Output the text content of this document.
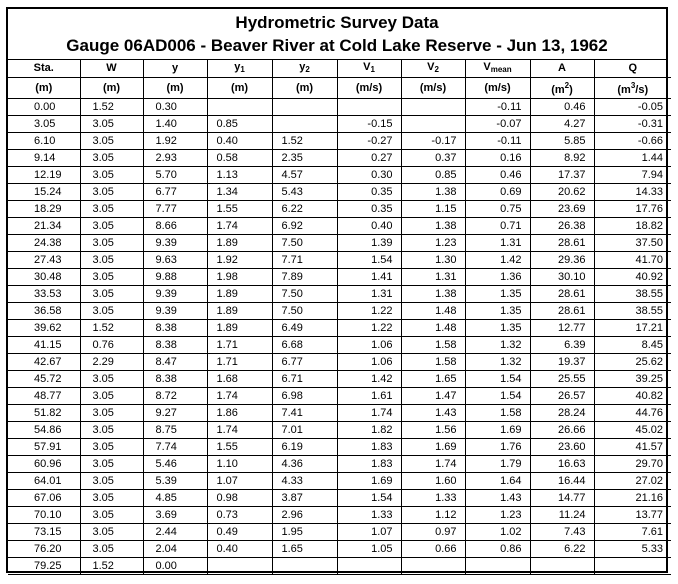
Hydrometric Survey Data
Gauge 06AD006 - Beaver River at Cold Lake Reserve - Jun 13, 1962
Sta.	W	y	$y_1$	$y_2$	$V_1$	$V_2$	$V_{mean}$	A	Q
(m)	(m)	(m)	(m)	(m)	(m/s)	(m/s)	(m/s)	$(m^2)$	$(m^3/s)$
0.00	1.52	0.30					-0.11	0.46	-0.05
3.05	3.05	1.40	0.85		-0.15		-0.07	4.27	-0.31
6.10	3.05	1.92	0.40	1.52	-0.27	-0.17	-0.11	5.85	-0.66
9.14	3.05	2.93	0.58	2.35	0.27	0.37	0.16	8.92	1.44
12.19	3.05	5.70	1.13	4.57	0.30	0.85	0.46	17.37	7.94
15.24	3.05	6.77	1.34	5.43	0.35	1.38	0.69	20.62	14.33
18.29	3.05	7.77	1.55	6.22	0.35	1.15	0.75	23.69	17.76
21.34	3.05	8.66	1.74	6.92	0.40	1.38	0.71	26.38	18.82
24.38	3.05	9.39	1.89	7.50	1.39	1.23	1.31	28.61	37.50
27.43	3.05	9.63	1.92	7.71	1.54	1.30	1.42	29.36	41.70
30.48	3.05	9.88	1.98	7.89	1.41	1.31	1.36	30.10	40.92
33.53	3.05	9.39	1.89	7.50	1.31	1.38	1.35	28.61	38.55
36.58	3.05	9.39	1.89	7.50	1.22	1.48	1.35	28.61	38.55
39.62	1.52	8.38	1.89	6.49	1.22	1.48	1.35	12.77	17.21
41.15	0.76	8.38	1.71	6.68	1.06	1.58	1.32	6.39	8.45
42.67	2.29	8.47	1.71	6.77	1.06	1.58	1.32	19.37	25.62
45.72	3.05	8.38	1.68	6.71	1.42	1.65	1.54	25.55	39.25
48.77	3.05	8.72	1.74	6.98	1.61	1.47	1.54	26.57	40.82
51.82	3.05	9.27	1.86	7.41	1.74	1.43	1.58	28.24	44.76
54.86	3.05	8.75	1.74	7.01	1.82	1.56	1.69	26.66	45.02
57.91	3.05	7.74	1.55	6.19	1.83	1.69	1.76	23.60	41.57
60.96	3.05	5.46	1.10	4.36	1.83	1.74	1.79	16.63	29.70
64.01	3.05	5.39	1.07	4.33	1.69	1.60	1.64	16.44	27.02
67.06	3.05	4.85	0.98	3.87	1.54	1.33	1.43	14.77	21.16
70.10	3.05	3.69	0.73	2.96	1.33	1.12	1.23	11.24	13.77
73.15	3.05	2.44	0.49	1.95	1.07	0.97	1.02	7.43	7.61
76.20	3.05	2.04	0.40	1.65	1.05	0.66	0.86	6.22	5.33
79.25	1.52	0.00							
